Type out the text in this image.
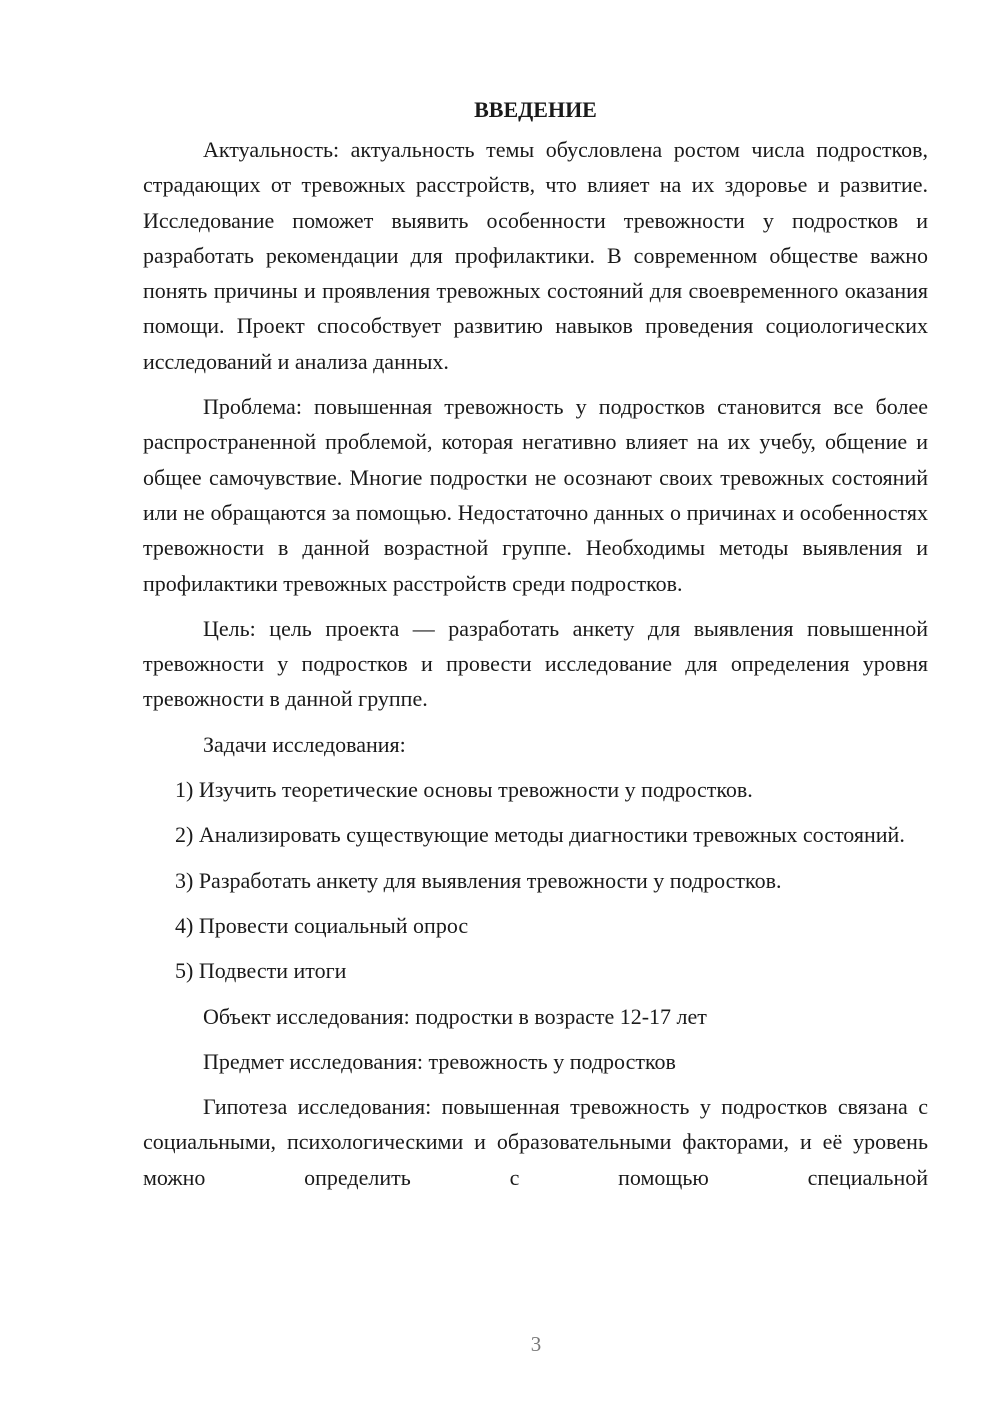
ВВЕДЕНИЕ

Актуальность: актуальность темы обусловлена ростом числа подростков, страдающих от тревожных расстройств, что влияет на их здоровье и развитие. Исследование поможет выявить особенности тревожности у подростков и разработать рекомендации для профилактики. В современном обществе важно понять причины и проявления тревожных состояний для своевременного оказания помощи. Проект способствует развитию навыков проведения социологических исследований и анализа данных.

Проблема: повышенная тревожность у подростков становится все более распространенной проблемой, которая негативно влияет на их учебу, общение и общее самочувствие. Многие подростки не осознают своих тревожных состояний или не обращаются за помощью. Недостаточно данных о причинах и особенностях тревожности в данной возрастной группе. Необходимы методы выявления и профилактики тревожных расстройств среди подростков.

Цель: цель проекта — разработать анкету для выявления повышенной тревожности у подростков и провести исследование для определения уровня тревожности в данной группе.

Задачи исследования:

1) Изучить теоретические основы тревожности у подростков.

2) Анализировать существующие методы диагностики тревожных состояний.

3) Разработать анкету для выявления тревожности у подростков.

4) Провести социальный опрос

5) Подвести итоги

Объект исследования: подростки в возрасте 12-17 лет

Предмет исследования: тревожность у подростков

Гипотеза исследования: повышенная тревожность у подростков связана с социальными, психологическими и образовательными факторами, и её уровень можно определить с помощью специальной

3
